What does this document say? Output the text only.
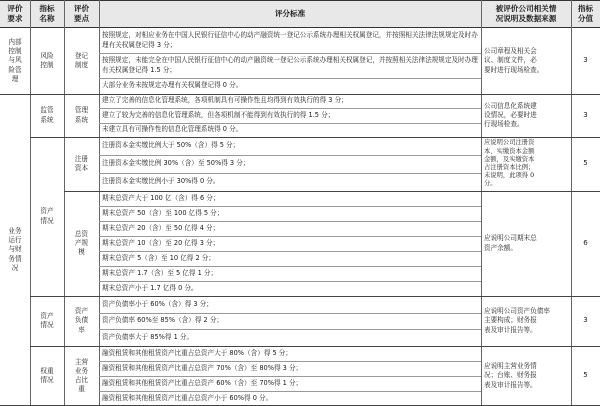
评价
要求
指标
名称
评价
要点
评分标准
被评价公司相关情
况说明及数据来源
指标
分值
内部
控制
与风
险管
理
业务
运行
与财
务情
况
风险
控制
监管
系统
资产
情况
资产
情况
权重
情况
登记
制度
管理
系统
注册
资本
总资
产规
模
资产
负债
率
主营
业务
占比
重
按照规定，对相应业务在中国人民银行征信中心的动产融资统一登记公示系统办理相关权属登记，并按照相关法律法规规定及时办理有关权属登记得 3 分；
按照规定，未能完全在中国人民银行征信中心的动产融资统一登记公示系统办理相关权属登记，并按照相关法律法规规定及时办理有关权属登记得 1.5 分；
大部分业务未按规定办理有关权属登记得 0 分。
建立了完善的信息化管理系统，各项机制具有可操作性且均得到有效执行的得 3 分；
建立了较为完善的信息化管理系统，但各项机制不能得到有效执行的得 1.5 分；
未建立具有可操作性的信息化管理系统得 0 分。
注册资本金实缴比例大于 50%（含）得 5 分；
注册资本金实缴比例 30%（含）至 50%得 3 分；
注册资本金实缴比例小于 30%得 0 分。
期末总资产大于 100 亿（含）得 6 分；
期末总资产 50（含）至 100 亿得 5 分；
期末总资产 20（含）至 50 亿得 4 分；
期末总资产 10（含）至 20 亿得 3 分；
期末总资产 5（含）至 10 亿得 2 分；
期末总资产 1.7（含）至 5 亿得 1 分；
期末总资产小于 1.7 亿得 0 分。
资产负债率小于 60%（含）得 3 分；
资产负债率 60%至 85%（含）得 2 分；
资产负债率大于 85%得 1 分。
融资租赁和其他租赁资产比重占总资产大于 80%（含）得 5 分；
融资租赁和其他租赁资产比重占总资产 70%（含）至 80%得 3 分；
融资租赁和其他租赁资产比重占总资产 60%（含）至 70%得 1 分；
融资租赁和其他租赁资产比重占总资产小于 60%得 0 分。
公司章程及相关会
议、制度文件，必
要时进行现场检查。
公司信息化系统建
设情况，必要时进
行现场检查。
应说明公司注册资
本、实缴资本金额
金额，及实缴资本
占注册资本比例；
未说明，此项得 0
分。
应说明公司期末总
资产余额。
应说明公司资产负债率
主要构成；财务报
表及审计报告等。
应说明主营业务情
况；台账、财务报
表及审计报告等。
3
3
5
6
3
5
